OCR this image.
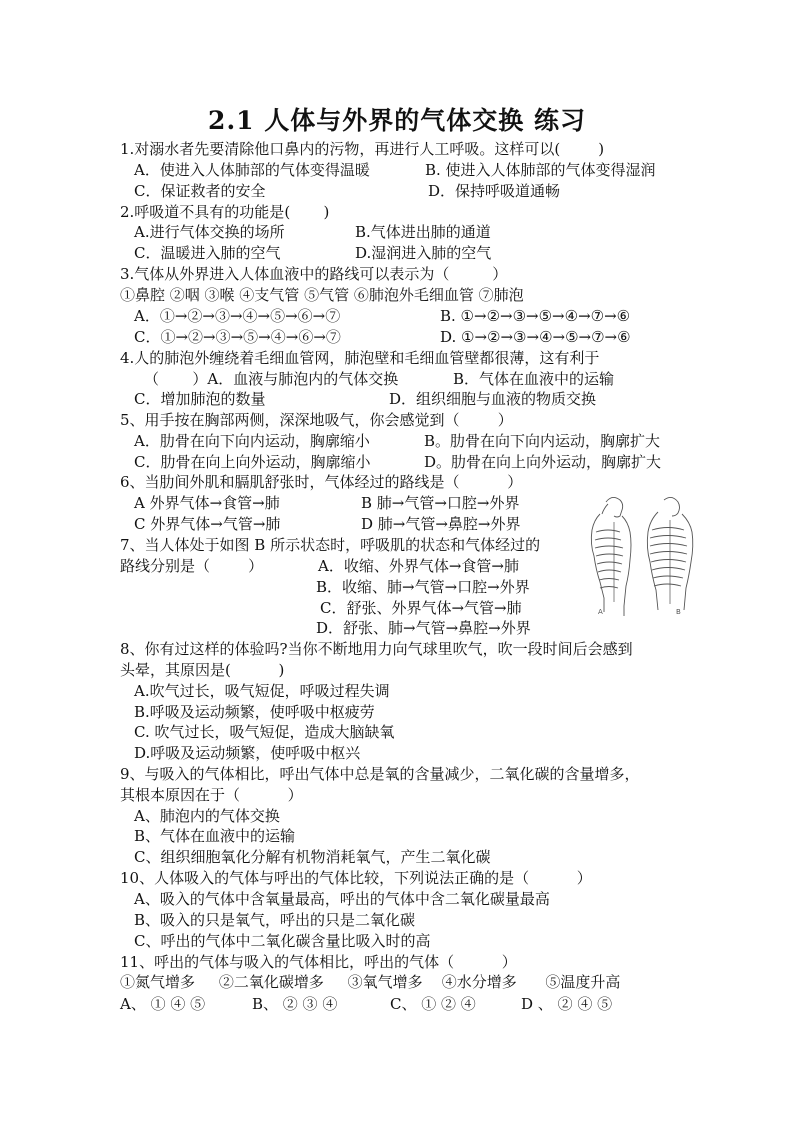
2.1 人体与外界的气体交换 练习
1.对溺水者先要清除他口鼻内的污物，再进行人工呼吸。这样可以(        )
A．使进入人体肺部的气体变得温暖	B. 使进入人体肺部的气体变得湿润
C．保证救者的安全	D．保持呼吸道通畅
2.呼吸道不具有的功能是(       )
A.进行气体交换的场所	B.气体进出肺的通道
C．温暖进入肺的空气	D.湿润进入肺的空气
3.气体从外界进入人体血液中的路线可以表示为（         ）
①鼻腔 ②咽 ③喉 ④支气管 ⑤气管 ⑥肺泡外毛细血管 ⑦肺泡
A．①→②→③→④→⑤→⑥→⑦	B. ①→②→③→⑤→④→⑦→⑥
C．①→②→③→⑤→④→⑥→⑦	D. ①→②→③→④→⑤→⑦→⑥
4.人的肺泡外缠绕着毛细血管网，肺泡壁和毛细血管壁都很薄，这有利于
（       ）A．血液与肺泡内的气体交换	B．气体在血液中的运输
C．增加肺泡的数量	D．组织细胞与血液的物质交换
5、用手按在胸部两侧，深深地吸气，你会感觉到（        ）
A．肋骨在向下向内运动，胸廓缩小	B。肋骨在向下向内运动，胸廓扩大
C．肋骨在向上向外运动，胸廓缩小	D。肋骨在向上向外运动，胸廓扩大
6、当肋间外肌和膈肌舒张时，气体经过的路线是（          ）
A 外界气体→食管→肺	B 肺→气管→口腔→外界
C 外界气体→气管→肺	D 肺→气管→鼻腔→外界
7、当人体处于如图 B 所示状态时，呼吸肌的状态和气体经过的
路线分别是（        ）	A．收缩、外界气体→食管→肺
B．收缩、肺→气管→口腔→外界
C．舒张、外界气体→气管→肺
D．舒张、肺→气管→鼻腔→外界
A	B
8、你有过这样的体验吗?当你不断地用力向气球里吹气，吹一段时间后会感到
头晕，其原因是(          )
A.吹气过长，吸气短促，呼吸过程失调
B.呼吸及运动频繁，使呼吸中枢疲劳
C. 吹气过长，吸气短促，造成大脑缺氧
D.呼吸及运动频繁，使呼吸中枢兴
9、与吸入的气体相比，呼出气体中总是氧的含量减少，二氧化碳的含量增多，
其根本原因在于（          ）
A、肺泡内的气体交换
B、气体在血液中的运输
C、组织细胞氧化分解有机物消耗氧气，产生二氧化碳
10、人体吸入的气体与呼出的气体比较，下列说法正确的是（          ）
A、吸入的气体中含氧量最高，呼出的气体中含二氧化碳量最高
B、吸入的只是氧气，呼出的只是二氧化碳
C、呼出的气体中二氧化碳含量比吸入时的高
11、呼出的气体与吸入的气体相比，呼出的气体（          ）
①氮气增多     ②二氧化碳增多     ③氧气增多    ④水分增多      ⑤温度升高
A、 ① ④ ⑤	B、 ② ③ ④	C、 ① ② ④	D 、 ② ④ ⑤
